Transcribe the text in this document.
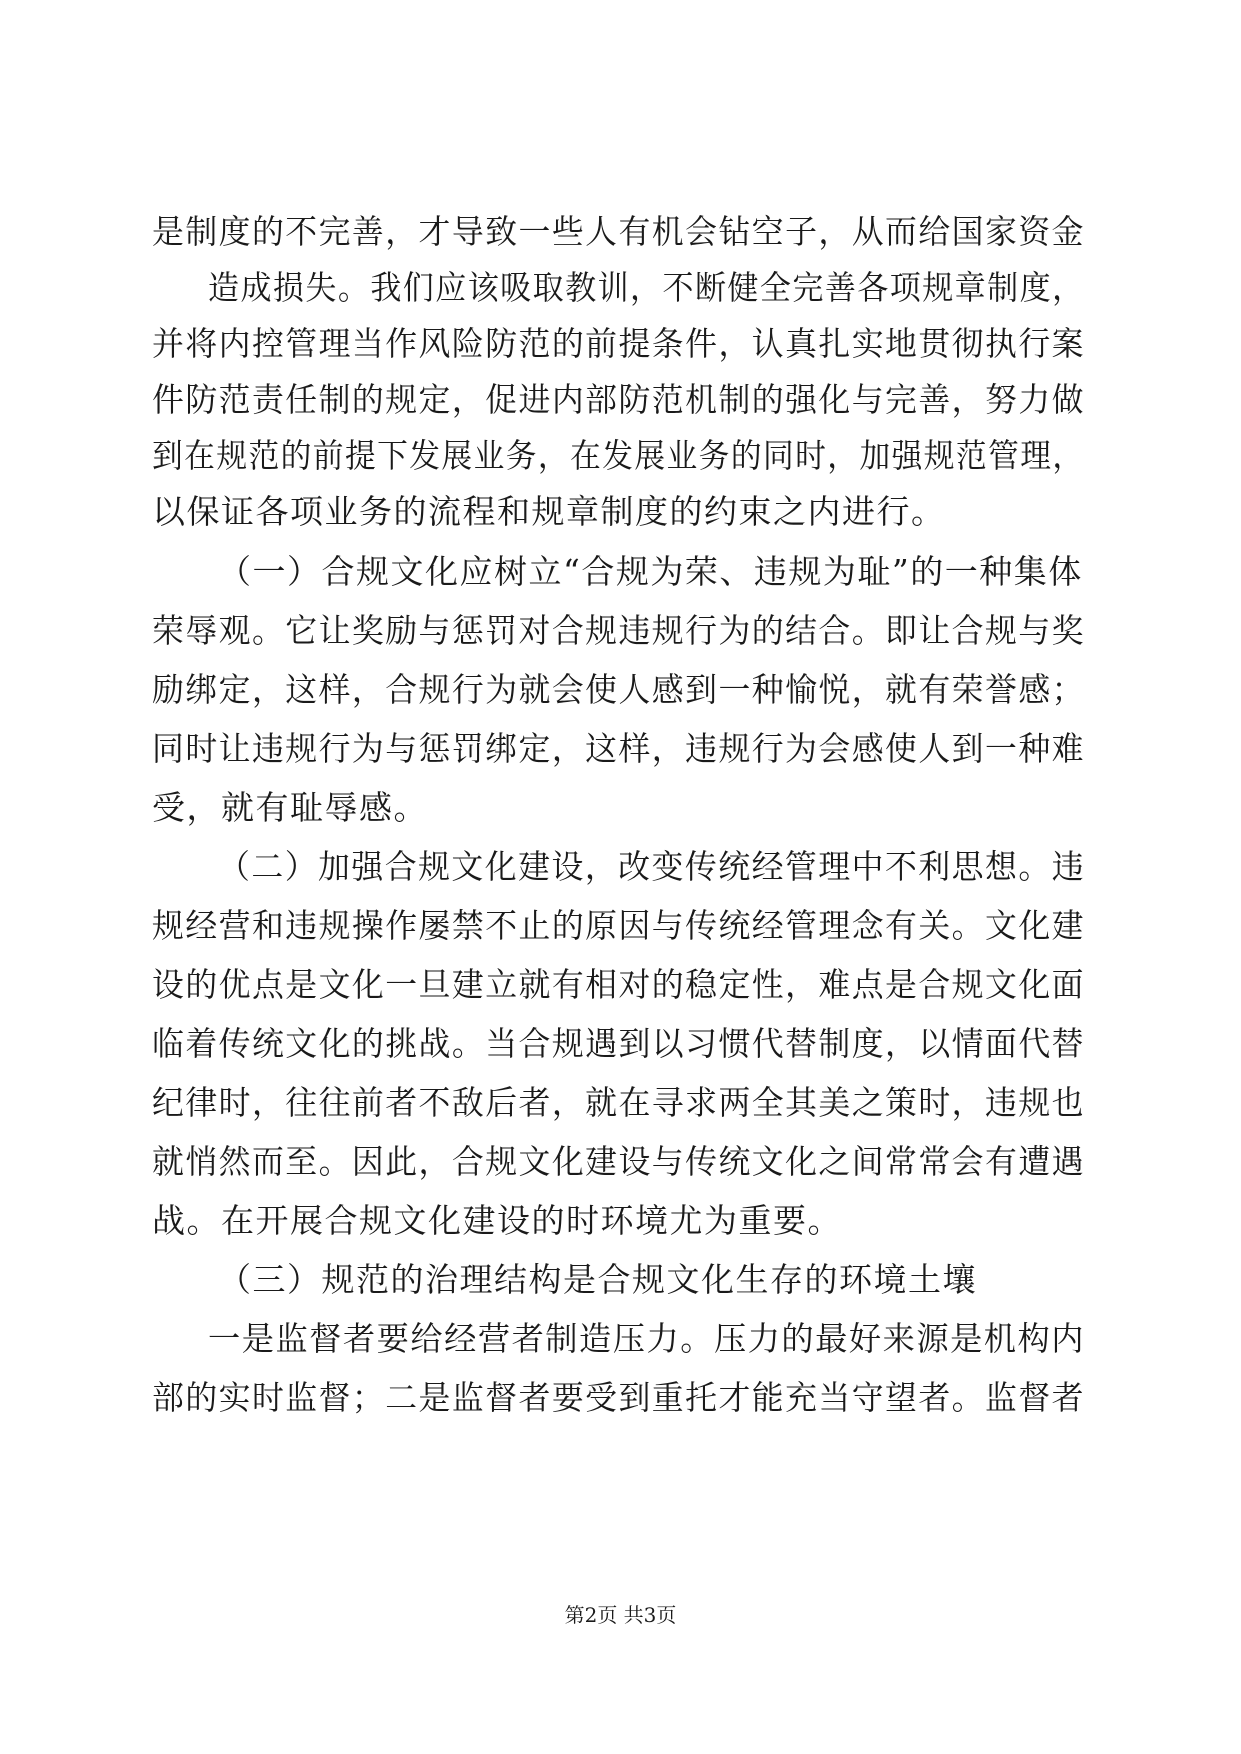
是制度的不完善，才导致一些人有机会钻空子，从而给国家资金
造成损失。我们应该吸取教训，不断健全完善各项规章制度，
并将内控管理当作风险防范的前提条件，认真扎实地贯彻执行案
件防范责任制的规定，促进内部防范机制的强化与完善，努力做
到在规范的前提下发展业务，在发展业务的同时，加强规范管理，
以保证各项业务的流程和规章制度的约束之内进行。
（一）合规文化应树立“合规为荣、违规为耻”的一种集体
荣辱观。它让奖励与惩罚对合规违规行为的结合。即让合规与奖
励绑定，这样，合规行为就会使人感到一种愉悦，就有荣誉感；
同时让违规行为与惩罚绑定，这样，违规行为会感使人到一种难
受，就有耻辱感。
（二）加强合规文化建设，改变传统经管理中不利思想。违
规经营和违规操作屡禁不止的原因与传统经管理念有关。文化建
设的优点是文化一旦建立就有相对的稳定性，难点是合规文化面
临着传统文化的挑战。当合规遇到以习惯代替制度，以情面代替
纪律时，往往前者不敌后者，就在寻求两全其美之策时，违规也
就悄然而至。因此，合规文化建设与传统文化之间常常会有遭遇
战。在开展合规文化建设的时环境尤为重要。
（三）规范的治理结构是合规文化生存的环境土壤
一是监督者要给经营者制造压力。压力的最好来源是机构内
部的实时监督；二是监督者要受到重托才能充当守望者。监督者
第2页 共3页
